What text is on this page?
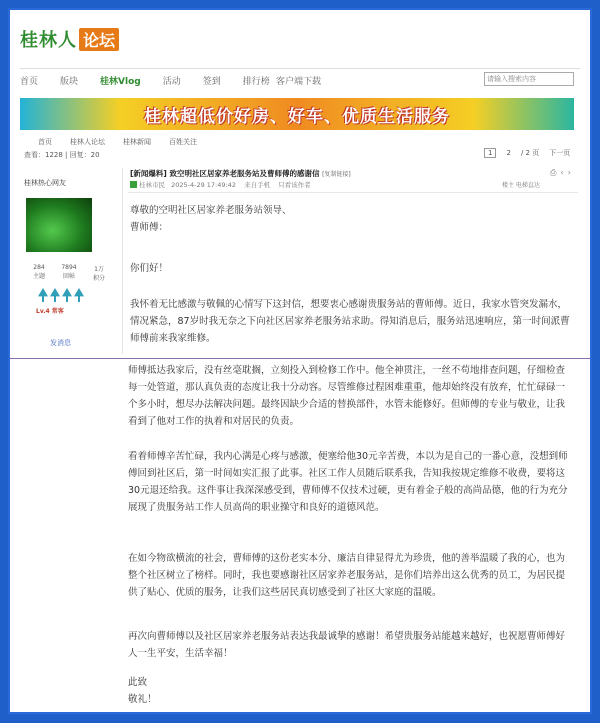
桂林人 论坛
首页 版块 桂林Vlog 活动 签到 排行榜 客户端下载	请输入搜索内容
桂林超低价好房、好车、优质生活服务
首页	桂林人论坛	桂林新闻	百姓关注
查看：1228 | 回复：20	1	2 / 2 页 下一页
桂林热心网友
284
主题
7894
回帖
1万
积分
Lv.4 常客
发消息
[新闻爆料] 致空明社区居家养老服务站及曹师傅的感谢信 [复制链接]	⎙‹›
桂林市民 2025-4-29 17:49:42 来自手机 只看该作者	楼主 电梯直达

尊敬的空明社区居家养老服务站领导、

曹师傅：

你们好！

我怀着无比感激与敬佩的心情写下这封信，想要衷心感谢贵服务站的曹师傅。近日，我家水管突发漏水，情况紧急，87岁时我无奈之下向社区居家养老服务站求助。得知消息后，服务站迅速响应，第一时间派曹师傅前来我家维修。

师傅抵达我家后，没有丝毫耽搁，立刻投入到检修工作中。他全神贯注，一丝不苟地排查问题，仔细检查每一处管道，那认真负责的态度让我十分动容。尽管维修过程困难重重，他却始终没有放弃，忙忙碌碌一个多小时，想尽办法解决问题。最终因缺少合适的替换部件，水管未能修好。但师傅的专业与敬业，让我看到了他对工作的执着和对居民的负责。

看着师傅辛苦忙碌，我内心满是心疼与感激，便塞给他30元辛苦费，本以为是自己的一番心意，没想到师傅回到社区后，第一时间如实汇报了此事。社区工作人员随后联系我，告知我按规定维修不收费，要将这30元退还给我。这件事让我深深感受到，曹师傅不仅技术过硬，更有着金子般的高尚品德，他的行为充分展现了贵服务站工作人员高尚的职业操守和良好的道德风范。

在如今物欲横流的社会，曹师傅的这份老实本分、廉洁自律显得尤为珍贵，他的善举温暖了我的心，也为整个社区树立了榜样。同时，我也要感谢社区居家养老服务站，是你们培养出这么优秀的员工，为居民提供了贴心、优质的服务，让我们这些居民真切感受到了社区大家庭的温暖。

再次向曹师傅以及社区居家养老服务站表达我最诚挚的感谢！希望贵服务站能越来越好，也祝愿曹师傅好人一生平安，生活幸福！

此致

敬礼！
